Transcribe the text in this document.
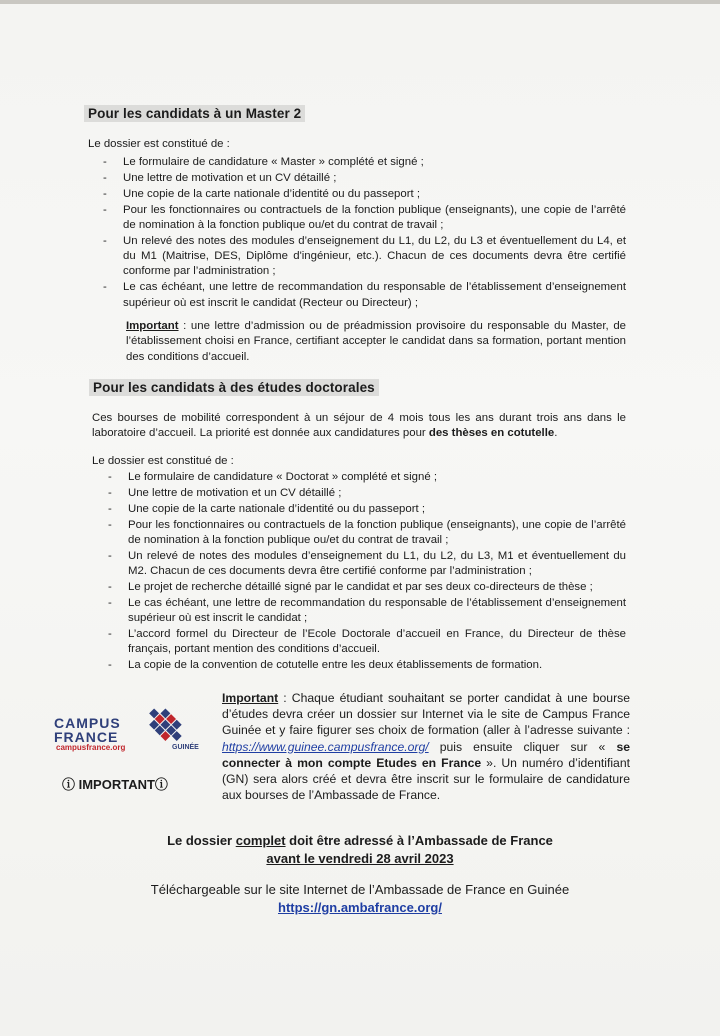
Pour les candidats à un Master 2
Le dossier est constitué de :
- Le formulaire de candidature « Master » complété et signé ;
- Une lettre de motivation et un CV détaillé ;
- Une copie de la carte nationale d’identité ou du passeport ;
- Pour les fonctionnaires ou contractuels de la fonction publique (enseignants), une copie de l’arrêté de nomination à la fonction publique ou/et du contrat de travail ;
- Un relevé des notes des modules d’enseignement du L1, du L2, du L3 et éventuellement du L4, et du M1 (Maitrise, DES, Diplôme d'ingénieur, etc.). Chacun de ces documents devra être certifié conforme par l’administration ;
- Le cas échéant, une lettre de recommandation du responsable de l’établissement d’enseignement supérieur où est inscrit le candidat (Recteur ou Directeur) ;
Important : une lettre d’admission ou de préadmission provisoire du responsable du Master, de l’établissement choisi en France, certifiant accepter le candidat dans sa formation, portant mention des conditions d’accueil.
Pour les candidats à des études doctorales
Ces bourses de mobilité correspondent à un séjour de 4 mois tous les ans durant trois ans dans le laboratoire d’accueil. La priorité est donnée aux candidatures pour des thèses en cotutelle.
Le dossier est constitué de :
- Le formulaire de candidature « Doctorat » complété et signé ;
- Une lettre de motivation et un CV détaillé ;
- Une copie de la carte nationale d’identité ou du passeport ;
- Pour les fonctionnaires ou contractuels de la fonction publique (enseignants), une copie de l’arrêté de nomination à la fonction publique ou/et du contrat de travail ;
- Un relevé de notes des modules d’enseignement du L1, du L2, du L3, M1 et éventuellement du M2. Chacun de ces documents devra être certifié conforme par l’administration ;
- Le projet de recherche détaillé signé par le candidat et par ses deux co-directeurs de thèse ;
- Le cas échéant, une lettre de recommandation du responsable de l’établissement d’enseignement supérieur où est inscrit le candidat ;
- L’accord formel du Directeur de l’Ecole Doctorale d’accueil en France, du Directeur de thèse français, portant mention des conditions d’accueil.
- La copie de la convention de cotutelle entre les deux établissements de formation.
CAMPUS
FRANCE
campusfrance.org	GUINÉE
ⓘ IMPORTANTⓘ
Important : Chaque étudiant souhaitant se porter candidat à une bourse d’études devra créer un dossier sur Internet via le site de Campus France Guinée et y faire figurer ses choix de formation (aller à l’adresse suivante : https://www.guinee.campusfrance.org/ puis ensuite cliquer sur « se connecter à mon compte Etudes en France ». Un numéro d’identifiant (GN) sera alors créé et devra être inscrit sur le formulaire de candidature aux bourses de l’Ambassade de France.
Le dossier complet doit être adressé à l’Ambassade de France
avant le vendredi 28 avril 2023
Téléchargeable sur le site Internet de l’Ambassade de France en Guinée
https://gn.ambafrance.org/
